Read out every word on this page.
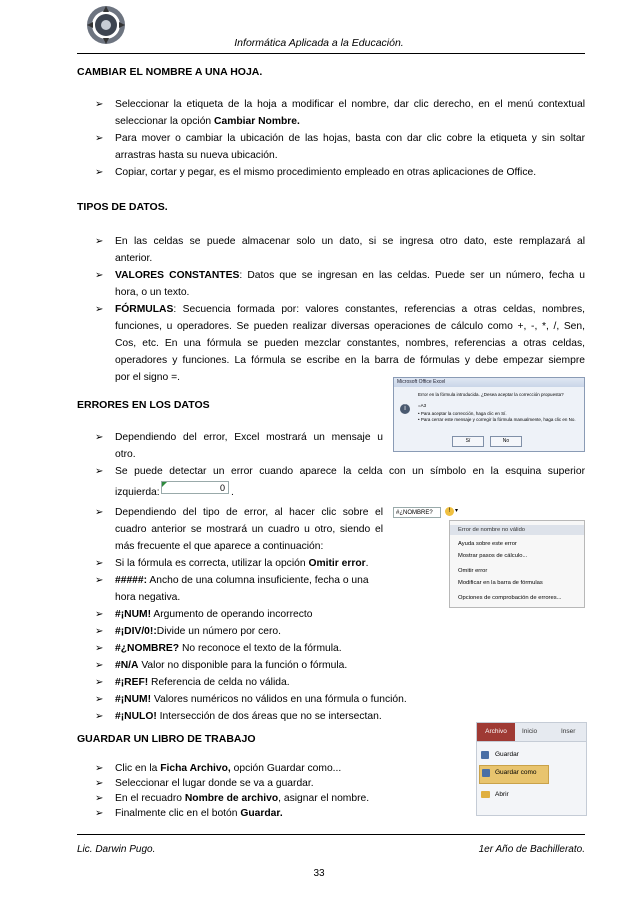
Informática Aplicada a la Educación.
CAMBIAR EL NOMBRE A UNA HOJA.
➢ Seleccionar la etiqueta de la hoja a modificar el nombre, dar clic derecho, en el menú contextual
seleccionar la opción Cambiar Nombre.
➢ Para mover o cambiar la ubicación de las hojas, basta con dar clic cobre la etiqueta y sin soltar
arrastras hasta su nueva ubicación.
➢ Copiar, cortar y pegar, es el mismo procedimiento empleado en otras aplicaciones de Office.
TIPOS DE DATOS.
➢ En las celdas se puede almacenar solo un dato, si se ingresa otro dato, este remplazará al
anterior.
➢ VALORES CONSTANTES: Datos que se ingresan en las celdas. Puede ser un número, fecha u
hora, o un texto.
➢ FÓRMULAS: Secuencia formada por: valores constantes, referencias a otras celdas, nombres,
funciones, u operadores. Se pueden realizar diversas operaciones de cálculo como +, -, *, /, Sen,
Cos, etc. En una fórmula se pueden mezclar constantes, nombres, referencias a otras celdas,
operadores y funciones. La fórmula se escribe en la barra de fórmulas y debe empezar siempre
por el signo =.	Microsoft Office Excel
i
Error en la fórmula introducida. ¿Desea aceptar la corrección propuesta?
=A3
• Para aceptar la corrección, haga clic en Sí.
• Para cerrar este mensaje y corregir la fórmula manualmente, haga clic en No.
Sí	No
ERRORES EN LOS DATOS
➢ Dependiendo del error, Excel mostrará un mensaje u
otro.
➢ Se puede detectar un error cuando aparece la celda con un símbolo en la esquina superior
izquierda:	0 .
➢ Dependiendo del tipo de error, al hacer clic sobre el
cuadro anterior se mostrará un cuadro u otro, siendo el
más frecuente el que aparece a continuación:
➢ Si la fórmula es correcta, utilizar la opción Omitir error.
➢ #####: Ancho de una columna insuficiente, fecha o una
hora negativa.
➢ #¡NUM! Argumento de operando incorrecto
➢ #¡DIV/0!:Divide un número por cero.
➢ #¿NOMBRE? No reconoce el texto de la fórmula.
➢ #N/A Valor no disponible para la función o fórmula.
➢ #¡REF! Referencia de celda no válida.
➢ #¡NUM! Valores numéricos no válidos en una fórmula o función.
➢ #¡NULO! Intersección de dos áreas que no se intersectan.
#¿NOMBRE?	! ▾
Error de nombre no válido
Ayuda sobre este error
Mostrar pasos de cálculo...
Omitir error
Modificar en la barra de fórmulas
Opciones de comprobación de errores...
GUARDAR UN LIBRO DE TRABAJO
➢ Clic en la Ficha Archivo, opción Guardar como...
➢ Seleccionar el lugar donde se va a guardar.
➢ En el recuadro Nombre de archivo, asignar el nombre.
➢ Finalmente clic en el botón Guardar.
Archivo	Inicio	Inser
Guardar
Guardar como
Abrir
Lic. Darwin Pugo.	1er Año de Bachillerato.
33
